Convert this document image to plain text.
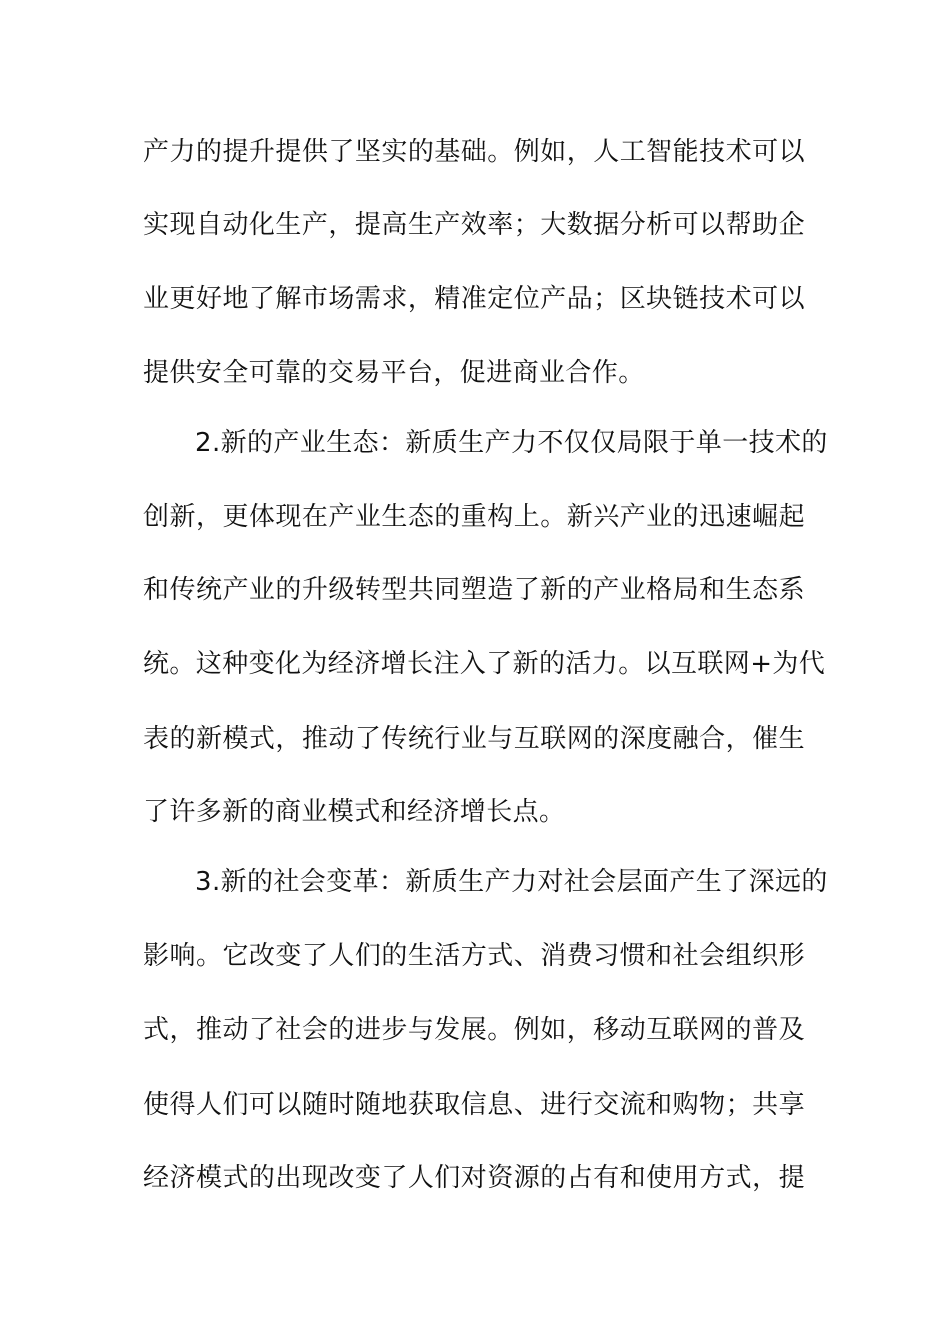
产力的提升提供了坚实的基础。例如，人工智能技术可以
实现自动化生产，提高生产效率；大数据分析可以帮助企
业更好地了解市场需求，精准定位产品；区块链技术可以
提供安全可靠的交易平台，促进商业合作。
2.新的产业生态：新质生产力不仅仅局限于单一技术的
创新，更体现在产业生态的重构上。新兴产业的迅速崛起
和传统产业的升级转型共同塑造了新的产业格局和生态系
统。这种变化为经济增长注入了新的活力。以互联网+为代
表的新模式，推动了传统行业与互联网的深度融合，催生
了许多新的商业模式和经济增长点。
3.新的社会变革：新质生产力对社会层面产生了深远的
影响。它改变了人们的生活方式、消费习惯和社会组织形
式，推动了社会的进步与发展。例如，移动互联网的普及
使得人们可以随时随地获取信息、进行交流和购物；共享
经济模式的出现改变了人们对资源的占有和使用方式，提
